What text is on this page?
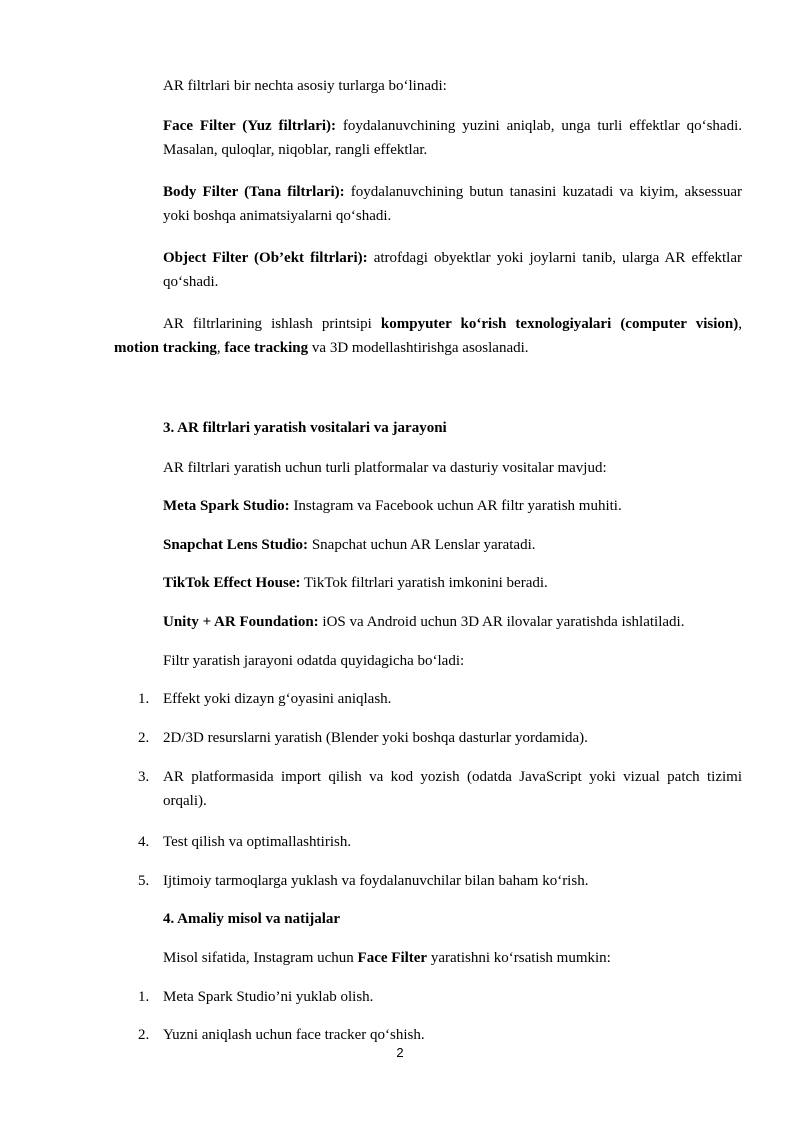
AR filtrlari bir nechta asosiy turlarga bo‘linadi:

Face Filter (Yuz filtrlari): foydalanuvchining yuzini aniqlab, unga turli effektlar qo‘shadi. Masalan, quloqlar, niqoblar, rangli effektlar.

Body Filter (Tana filtrlari): foydalanuvchining butun tanasini kuzatadi va kiyim, aksessuar yoki boshqa animatsiyalarni qo‘shadi.

Object Filter (Ob’ekt filtrlari): atrofdagi obyektlar yoki joylarni tanib, ularga AR effektlar qo‘shadi.

AR filtrlarining ishlash printsipi kompyuter ko‘rish texnologiyalari (computer vision), motion tracking, face tracking va 3D modellashtirishga asoslanadi.

3. AR filtrlari yaratish vositalari va jarayoni

AR filtrlari yaratish uchun turli platformalar va dasturiy vositalar mavjud:

Meta Spark Studio: Instagram va Facebook uchun AR filtr yaratish muhiti.

Snapchat Lens Studio: Snapchat uchun AR Lenslar yaratadi.

TikTok Effect House: TikTok filtrlari yaratish imkonini beradi.

Unity + AR Foundation: iOS va Android uchun 3D AR ilovalar yaratishda ishlatiladi.

Filtr yaratish jarayoni odatda quyidagicha bo‘ladi:

1. Effekt yoki dizayn g‘oyasini aniqlash.
2. 2D/3D resurslarni yaratish (Blender yoki boshqa dasturlar yordamida).
3. AR platformasida import qilish va kod yozish (odatda JavaScript yoki vizual patch tizimi orqali).
4. Test qilish va optimallashtirish.
5. Ijtimoiy tarmoqlarga yuklash va foydalanuvchilar bilan baham ko‘rish.

4. Amaliy misol va natijalar

Misol sifatida, Instagram uchun Face Filter yaratishni ko‘rsatish mumkin:

1. Meta Spark Studio’ni yuklab olish.
2. Yuzni aniqlash uchun face tracker qo‘shish.
2
